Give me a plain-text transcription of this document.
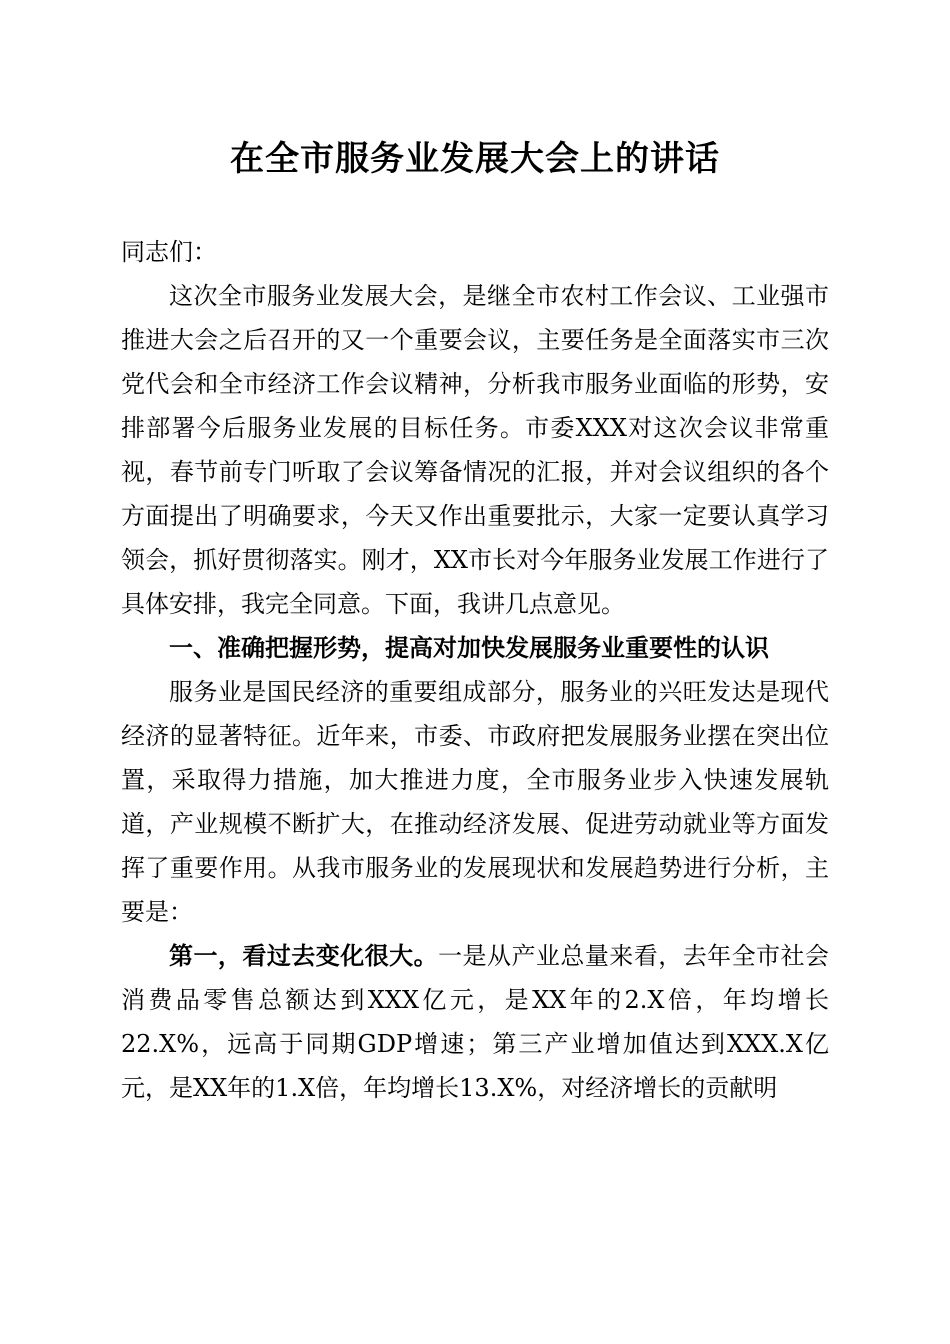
在全市服务业发展大会上的讲话

同志们：

这次全市服务业发展大会，是继全市农村工作会议、工业强市推进大会之后召开的又一个重要会议，主要任务是全面落实市三次党代会和全市经济工作会议精神，分析我市服务业面临的形势，安排部署今后服务业发展的目标任务。市委XXX对这次会议非常重视，春节前专门听取了会议筹备情况的汇报，并对会议组织的各个方面提出了明确要求，今天又作出重要批示，大家一定要认真学习领会，抓好贯彻落实。刚才，XX市长对今年服务业发展工作进行了具体安排，我完全同意。下面，我讲几点意见。

一、准确把握形势，提高对加快发展服务业重要性的认识

服务业是国民经济的重要组成部分，服务业的兴旺发达是现代经济的显著特征。近年来，市委、市政府把发展服务业摆在突出位置，采取得力措施，加大推进力度，全市服务业步入快速发展轨道，产业规模不断扩大，在推动经济发展、促进劳动就业等方面发挥了重要作用。从我市服务业的发展现状和发展趋势进行分析，主要是：

第一，看过去变化很大。一是从产业总量来看，去年全市社会消费品零售总额达到XXX亿元，是XX年的2.X倍，年均增长22.X%，远高于同期GDP增速；第三产业增加值达到XXX.X亿元，是XX年的1.X倍，年均增长13.X%，对经济增长的贡献明
